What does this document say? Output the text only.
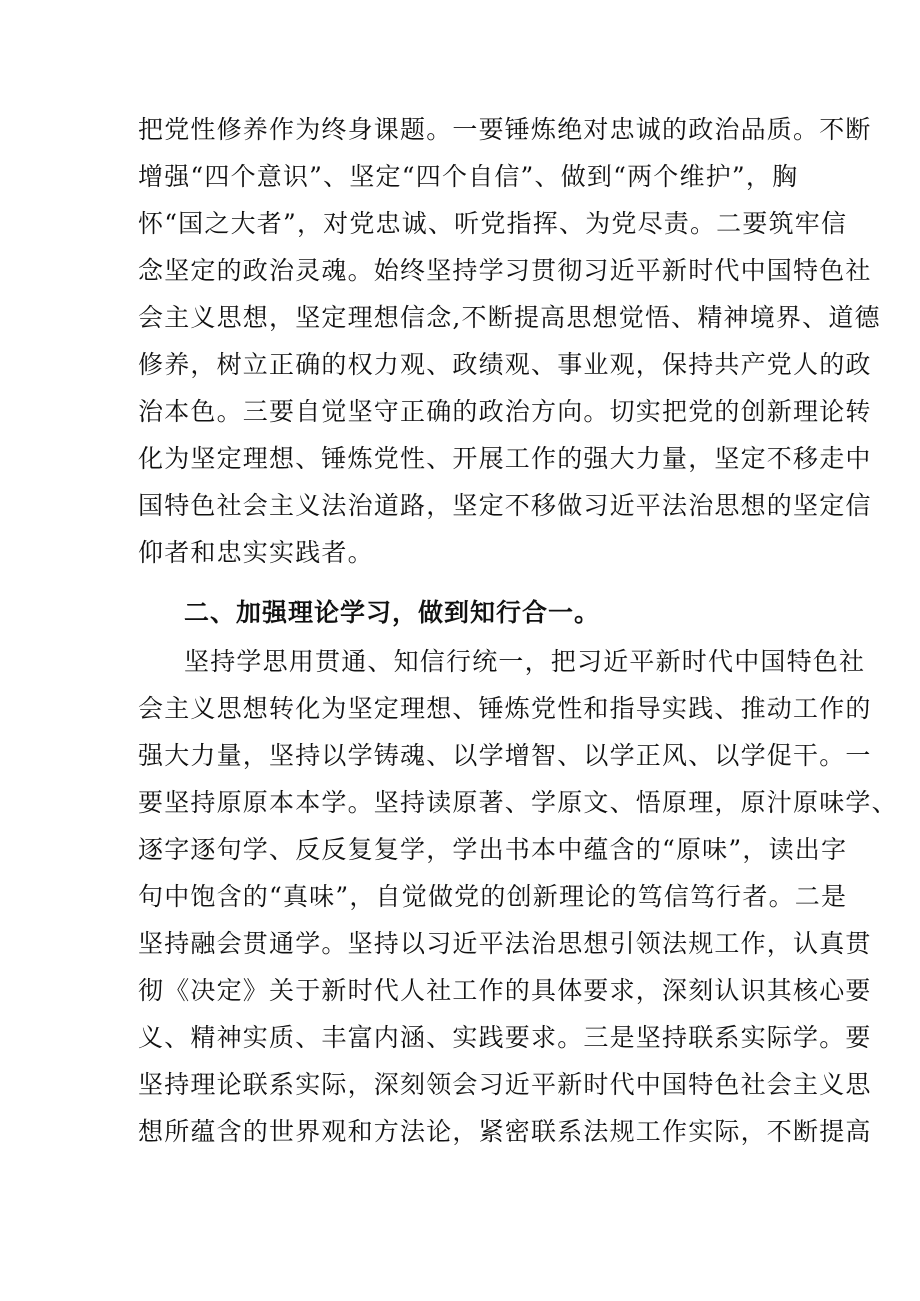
把党性修养作为终身课题。一要锤炼绝对忠诚的政治品质。不断
增强“四个意识”、坚定“四个自信”、做到“两个维护”，胸
怀“国之大者”，对党忠诚、听党指挥、为党尽责。二要筑牢信
念坚定的政治灵魂。始终坚持学习贯彻习近平新时代中国特色社
会主义思想，坚定理想信念,不断提高思想觉悟、精神境界、道德
修养，树立正确的权力观、政绩观、事业观，保持共产党人的政
治本色。三要自觉坚守正确的政治方向。切实把党的创新理论转
化为坚定理想、锤炼党性、开展工作的强大力量，坚定不移走中
国特色社会主义法治道路，坚定不移做习近平法治思想的坚定信
仰者和忠实实践者。
二、加强理论学习，做到知行合一。
坚持学思用贯通、知信行统一，把习近平新时代中国特色社
会主义思想转化为坚定理想、锤炼党性和指导实践、推动工作的
强大力量，坚持以学铸魂、以学增智、以学正风、以学促干。一
要坚持原原本本学。坚持读原著、学原文、悟原理，原汁原味学、
逐字逐句学、反反复复学，学出书本中蕴含的“原味”，读出字
句中饱含的“真味”，自觉做党的创新理论的笃信笃行者。二是
坚持融会贯通学。坚持以习近平法治思想引领法规工作，认真贯
彻《决定》关于新时代人社工作的具体要求，深刻认识其核心要
义、精神实质、丰富内涵、实践要求。三是坚持联系实际学。要
坚持理论联系实际，深刻领会习近平新时代中国特色社会主义思
想所蕴含的世界观和方法论，紧密联系法规工作实际，不断提高
